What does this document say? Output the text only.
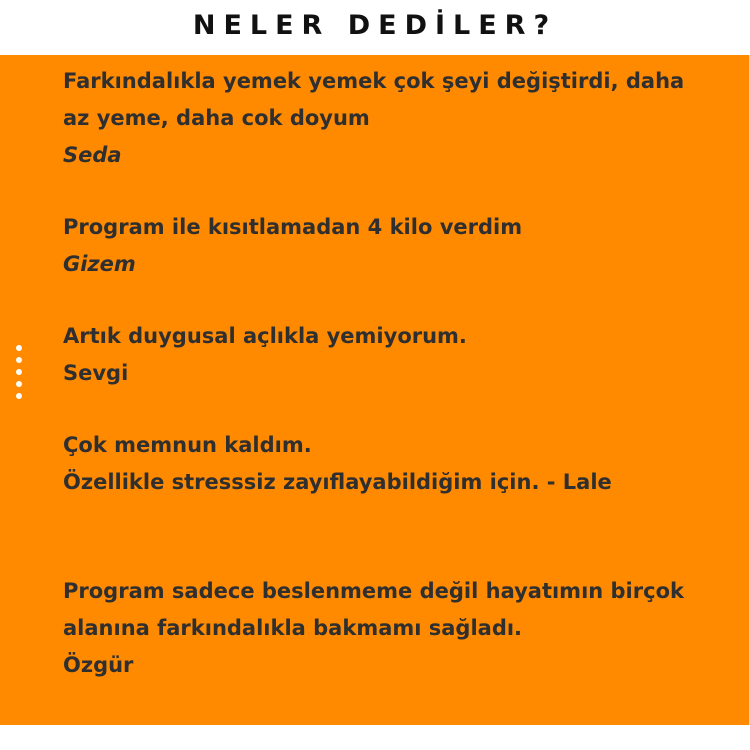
NELER DEDİLER?

Farkındalıkla yemek yemek çok şeyi değiştirdi, daha az yeme, daha cok doyum
Seda

Program ile kısıtlamadan 4 kilo verdim
Gizem

Artık duygusal açlıkla yemiyorum.
Sevgi

Çok memnun kaldım.
Özellikle stresssiz zayıflayabildiğim için. - Lale

Program sadece beslenmeme değil hayatımın birçok alanına farkındalıkla bakmamı sağladı.
Özgür
